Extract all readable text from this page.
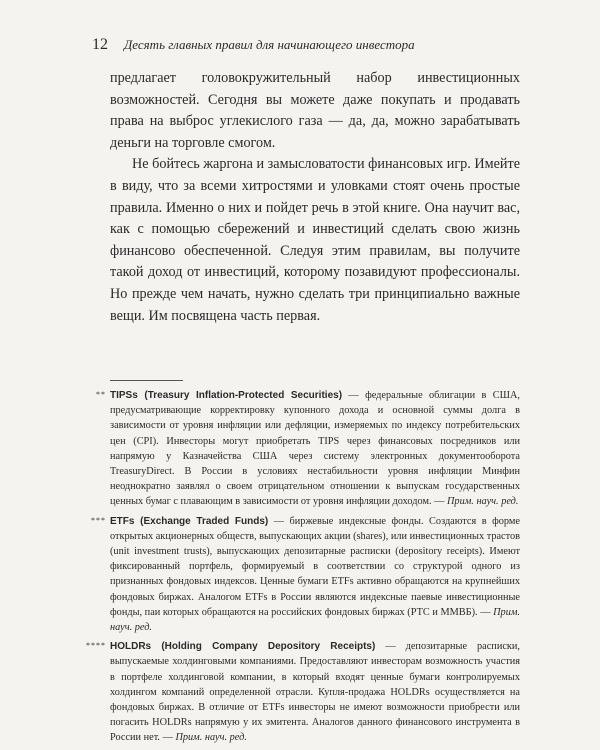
12 Десять главных правил для начинающего инвестора

предлагает головокружительный набор инвестиционных возможностей. Сегодня вы можете даже покупать и продавать права на выброс углекислого газа — да, да, можно зарабатывать деньги на торговле смогом.

Не бойтесь жаргона и замысловатости финансовых игр. Имейте в виду, что за всеми хитростями и уловками стоят очень простые правила. Именно о них и пойдет речь в этой книге. Она научит вас, как с помощью сбережений и инвестиций сделать свою жизнь финансово обеспеченной. Следуя этим правилам, вы получите такой доход от инвестиций, которому позавидуют профессионалы. Но прежде чем начать, нужно сделать три принципиально важные вещи. Им посвящена часть первая.

** TIPSs (Treasury Inflation-Protected Securities) — федеральные облигации в США, предусматривающие корректировку купонного дохода и основной суммы долга в зависимости от уровня инфляции или дефляции, измеряемых по индексу потребительских цен (CPI). Инвесторы могут приобретать TIPS через финансовых посредников или напрямую у Казначейства США через систему электронных документооборота TreasuryDirect. В России в условиях нестабильности уровня инфляции Минфин неоднократно заявлял о своем отрицательном отношении к выпускам государственных ценных бумаг с плавающим в зависимости от уровня инфляции доходом. — Прим. науч. ред.
*** ETFs (Exchange Traded Funds) — биржевые индексные фонды. Создаются в форме открытых акционерных обществ, выпускающих акции (shares), или инвестиционных трастов (unit investment trusts), выпускающих депозитарные расписки (depository receipts). Имеют фиксированный портфель, формируемый в соответствии со структурой одного из признанных фондовых индексов. Ценные бумаги ETFs активно обращаются на крупнейших фондовых биржах. Аналогом ETFs в России являются индексные паевые инвестиционные фонды, паи которых обращаются на российских фондовых биржах (РТС и ММВБ). — Прим. науч. ред.
**** HOLDRs (Holding Company Depository Receipts) — депозитарные расписки, выпускаемые холдинговыми компаниями. Предоставляют инвесторам возможность участия в портфеле холдинговой компании, в который входят ценные бумаги контролируемых холдингом компаний определенной отрасли. Купля-продажа HOLDRs осуществляется на фондовых биржах. В отличие от ETFs инвесторы не имеют возможности приобрести или погасить HOLDRs напрямую у их эмитента. Аналогов данного финансового инструмента в России нет. — Прим. науч. ред.
